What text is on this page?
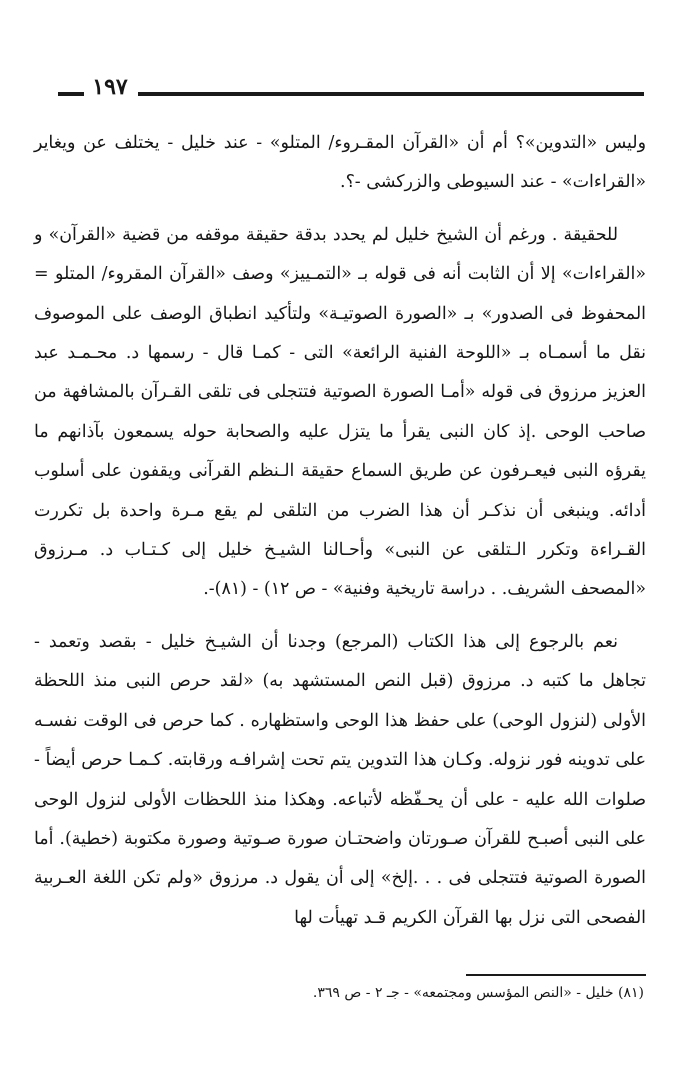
١٩٧

وليس «التدوين»؟ أم أن «القرآن المقـروء/ المتلو» - عند خليل - يختلف عن ويغاير «القراءات» - عند السيوطى والزركشى -؟.

للحقيقة . ورغم أن الشيخ خليل لم يحدد بدقة حقيقة موقفه من قضية «القرآن» و «القراءات» إلا أن الثابت أنه فى قوله بـ «التمـييز» وصف «القرآن المقروء/ المتلو = المحفوظ فى الصدور» بـ «الصورة الصوتيـة» ولتأكيد انطباق الوصف على الموصوف نقل ما أسمـاه بـ «اللوحة الفنية الرائعة» التى - كمـا قال - رسمها د. محـمـد عبد العزيز مرزوق فى قوله «أمـا الصورة الصوتية فتتجلى فى تلقى القـرآن بالمشافهة من صاحب الوحى .إذ كان النبى يقرأ ما يتزل عليه والصحابة حوله يسمعون بآذانهم ما يقرؤه النبى فيعـرفون عن طريق السماع حقيقة الـنظم القرآنى ويقفون على أسلوب أدائه. وينبغى أن نذكـر أن هذا الضرب من التلقى لم يقع مـرة واحدة بل تكررت القـراءة وتكرر الـتلقى عن النبى» وأحـالنا الشيـخ خليل إلى كـتـاب د. مـرزوق «المصحف الشريف. . دراسة تاريخية وفنية» - ص ١٢) - (٨١)-.

نعم بالرجوع إلى هذا الكتاب (المرجع) وجدنا أن الشيـخ خليل - بقصد وتعمد - تجاهل ما كتبه د. مرزوق (قبل النص المستشهد به) «لقد حرص النبى منذ اللحظة الأولى (لنزول الوحى) على حفظ هذا الوحى واستظهاره . كما حرص فى الوقت نفسـه على تدوينه فور نزوله. وكـان هذا التدوين يتم تحت إشرافـه ورقابته. كـمـا حرص أيضاً - صلوات الله عليه - على أن يحـفّظه لأتباعه. وهكذا منذ اللحظات الأولى لنزول الوحى على النبى أصبـح للقرآن صـورتان واضحتـان صورة صـوتية وصورة مكتوبة (خطية). أما الصورة الصوتية فتتجلى فى . . .إلخ» إلى أن يقول د. مرزوق «ولم تكن اللغة العـربية الفصحى التى نزل بها القرآن الكريم قـد تهيأت لها

(٨١) خليل - «النص المؤسس ومجتمعه» - جـ ٢ - ص ٣٦٩.
